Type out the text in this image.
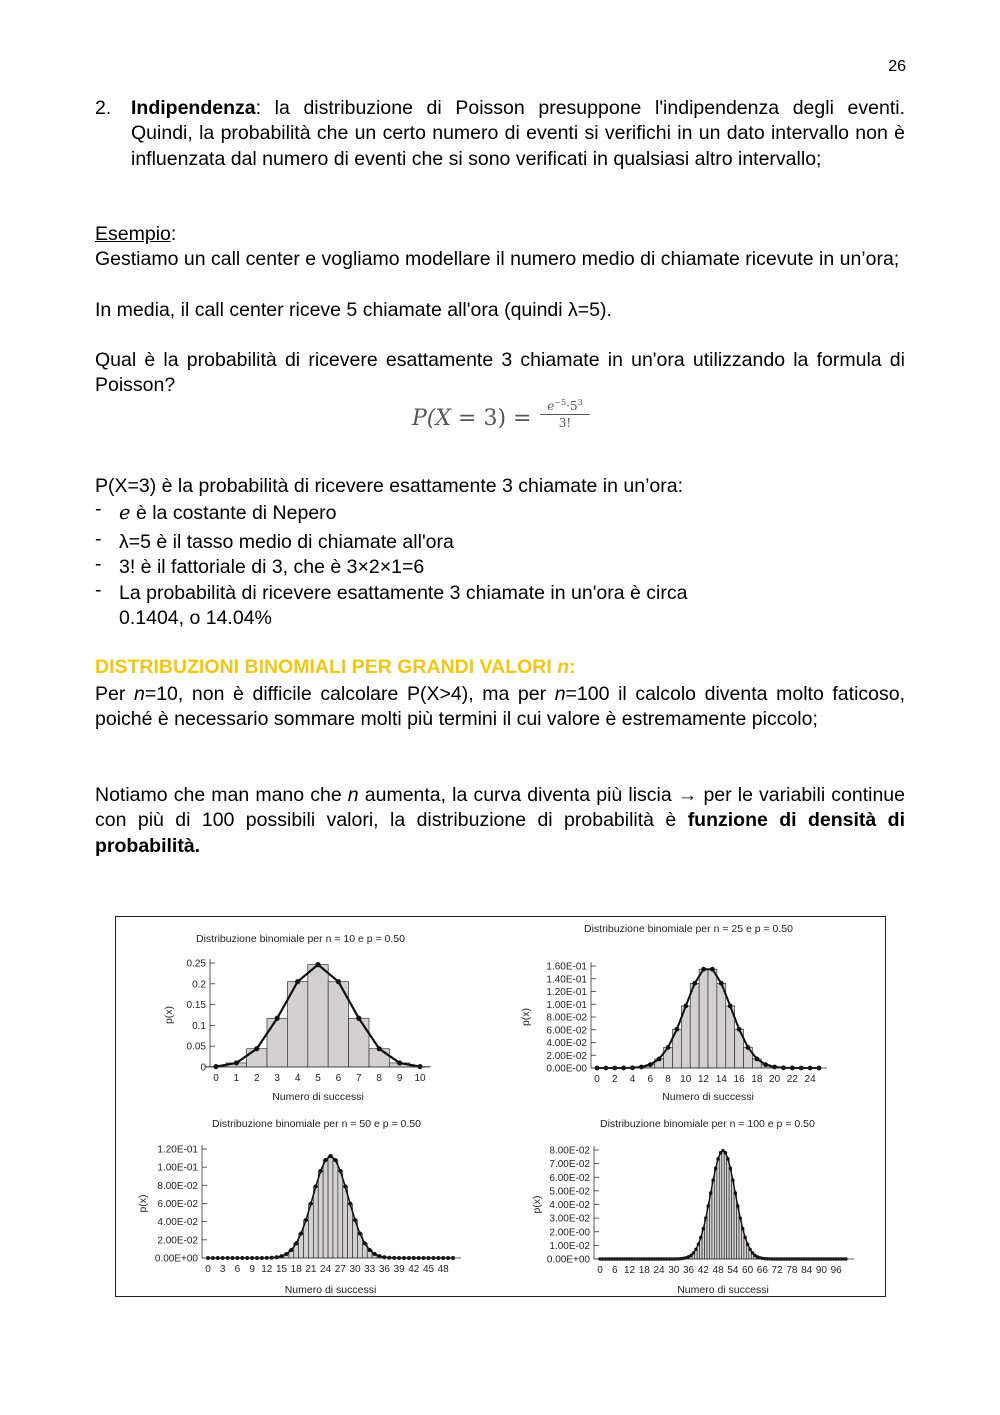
26
2. Indipendenza: la distribuzione di Poisson presuppone l'indipendenza degli eventi. Quindi, la probabilità che un certo numero di eventi si verifichi in un dato intervallo non è influenzata dal numero di eventi che si sono verificati in qualsiasi altro intervallo;
Esempio:
Gestiamo un call center e vogliamo modellare il numero medio di chiamate ricevute in un’ora;
In media, il call center riceve 5 chiamate all'ora (quindi λ=5).
Qual è la probabilità di ricevere esattamente 3 chiamate in un'ora utilizzando la formula di Poisson?
$P(X = 3) = \frac{e^{-5}\cdot 5^3}{3!}$
P(X=3) è la probabilità di ricevere esattamente 3 chiamate in un’ora:
- e è la costante di Nepero
- λ=5 è il tasso medio di chiamate all'ora
- 3! è il fattoriale di 3, che è 3×2×1=6
- La probabilità di ricevere esattamente 3 chiamate in un'ora è circa
0.1404, o 14.04%
DISTRIBUZIONI BINOMIALI PER GRANDI VALORI n:
Per n=10, non è difficile calcolare P(X>4), ma per n=100 il calcolo diventa molto faticoso, poiché è necessario sommare molti più termini il cui valore è estremamente piccolo;
Notiamo che man mano che n aumenta, la curva diventa più liscia → per le variabili continue con più di 100 possibili valori, la distribuzione di probabilità è funzione di densità di probabilità.
Distribuzione binomiale per n = 10 e p = 0.50
0
0.05
0.1
0.15
0.2
0.25
0 1 2 3 4 5 6 7 8 9 10
Numero di successi
p(x)
Distribuzione binomiale per n = 25 e p = 0.50
0.00E-00
2.00E-02
4.00E-02
6.00E-02
8.00E-02
1.00E-01
1.20E-01
1.40E-01
1.60E-01
0 2 4 6 8 10 12 14 16 18 20 22 24
Numero di successi
p(x)
Distribuzione binomiale per n = 50 e p = 0.50
0.00E+00
2.00E-02
4.00E-02
6.00E-02
8.00E-02
1.00E-01
1.20E-01
0 3 6 9 12 15 18 21 24 27 30 33 36 39 42 45 48
Numero di successi
p(x)
Distribuzione binomiale per n = 100 e p = 0.50
0.00E+00
1.00E-02
2.00E-00
3.00E-02
4.00E-02
5.00E-02
6.00E-02
7.00E-02
8.00E-02
0 6 12 18 24 30 36 42 48 54 60 66 72 78 84 90 96
Numero di successi
p(x)
